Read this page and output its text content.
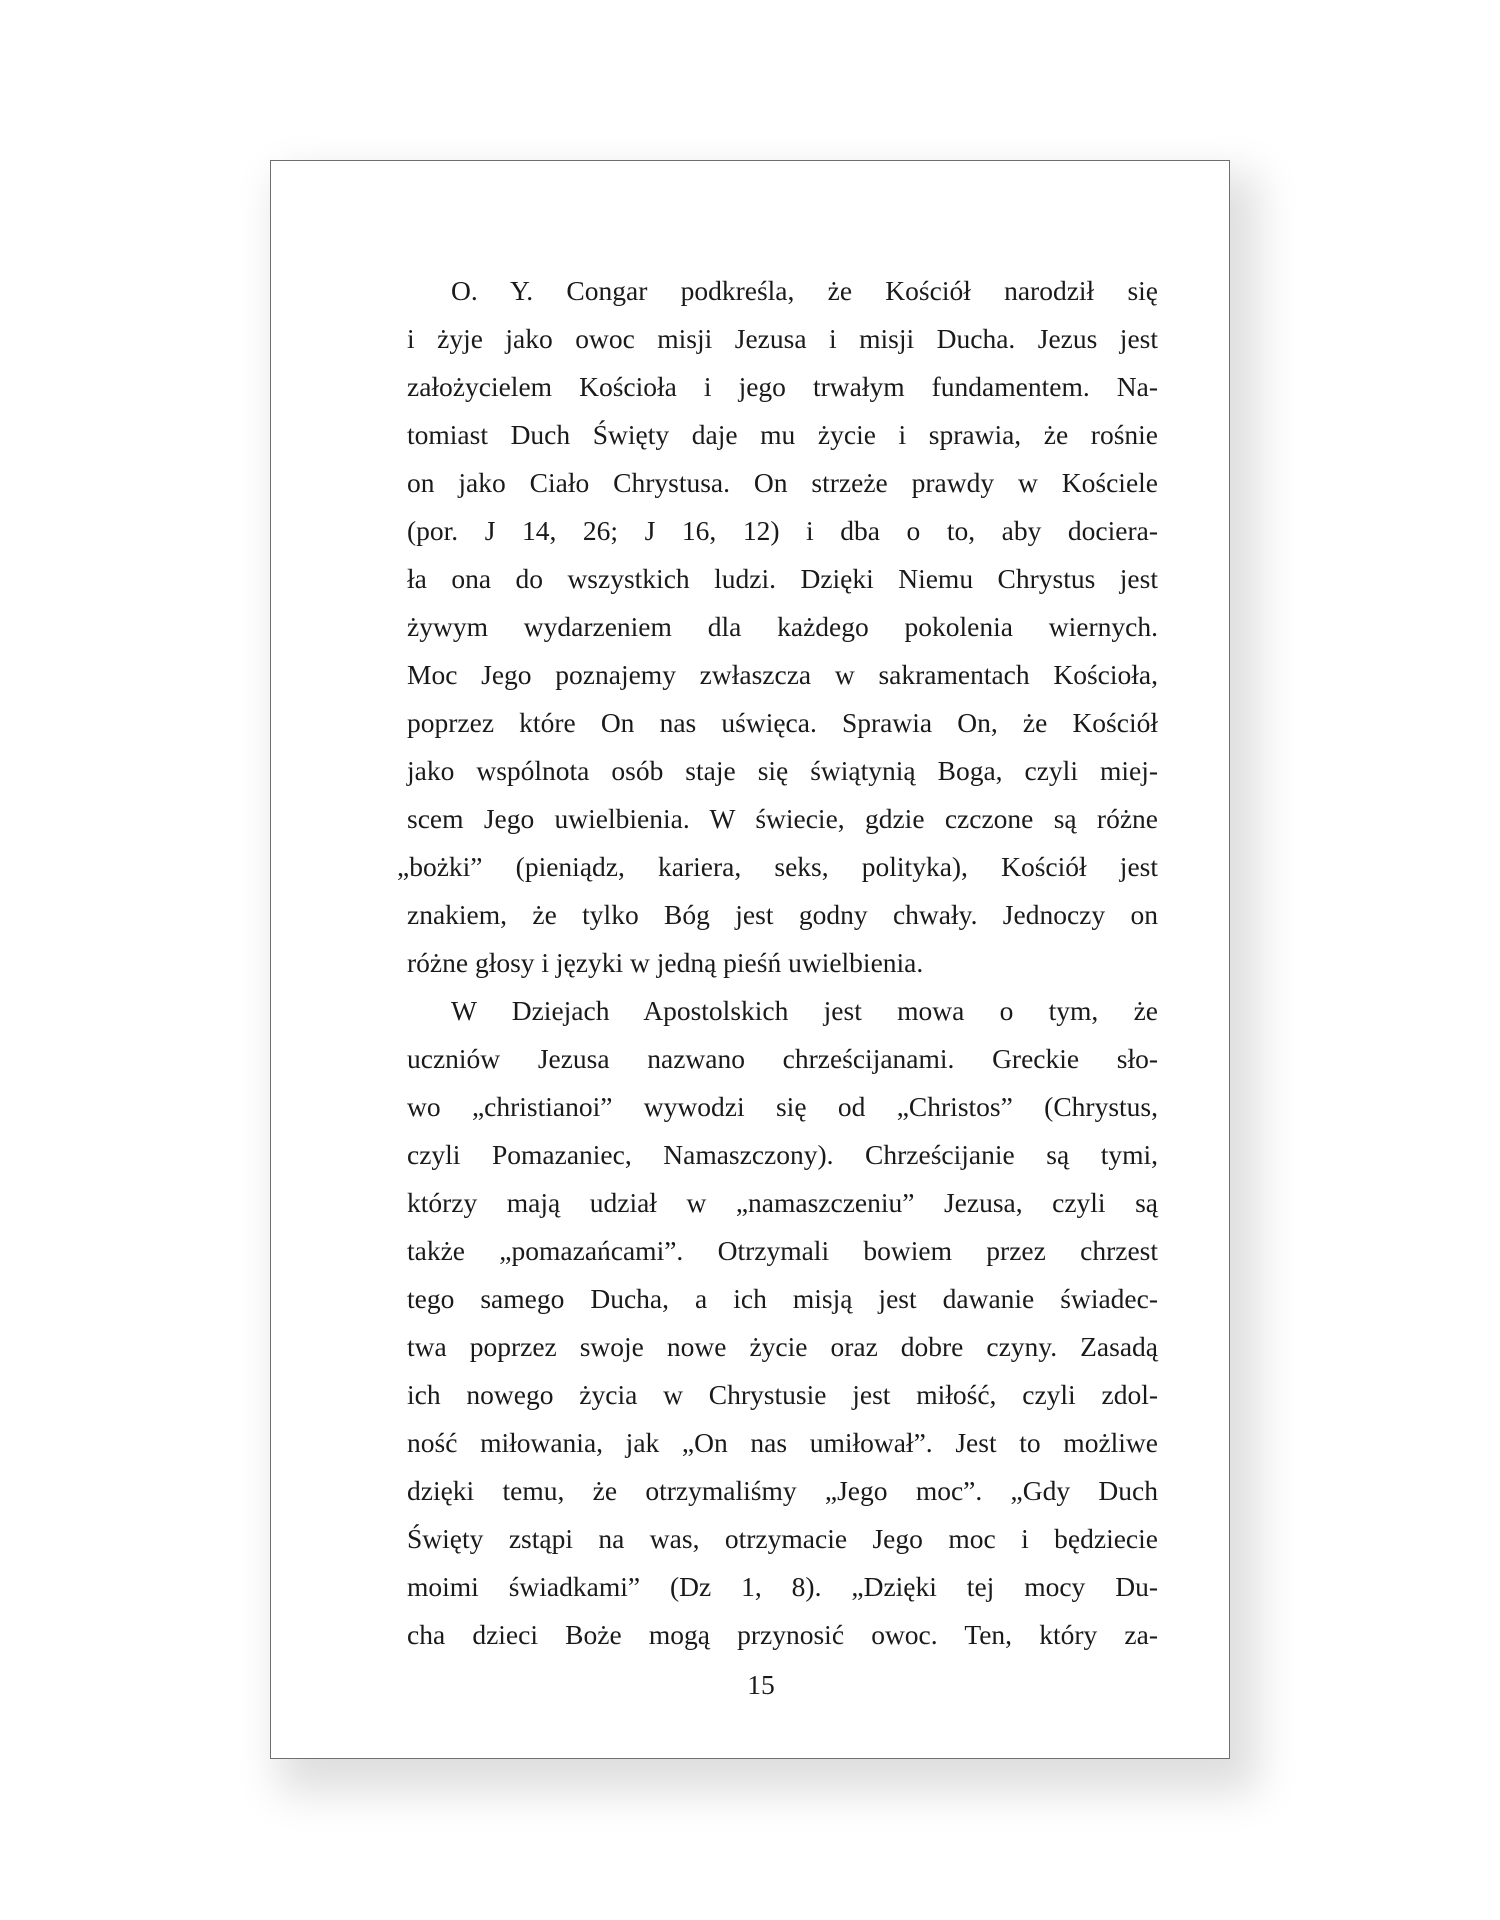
O. Y. Congar podkreśla, że Kościół narodził się
i żyje jako owoc misji Jezusa i misji Ducha. Jezus jest
założycielem Kościoła i jego trwałym fundamentem. Na-
tomiast Duch Święty daje mu życie i sprawia, że rośnie
on jako Ciało Chrystusa. On strzeże prawdy w Kościele
(por. J 14, 26; J 16, 12) i dba o to, aby docierа-
ła ona do wszystkich ludzi. Dzięki Niemu Chrystus jest
żywym wydarzeniem dla każdego pokolenia wiernych.
Moc Jego poznajemy zwłaszcza w sakramentach Kościoła,
poprzez które On nas uświęca. Sprawia On, że Kościół
jako wspólnota osób staje się świątynią Boga, czyli miej-
scem Jego uwielbienia. W świecie, gdzie czczone są różne
„bożki” (pieniądz, kariera, seks, polityka), Kościół jest
znakiem, że tylko Bóg jest godny chwały. Jednoczy on
różne głosy i języki w jedną pieśń uwielbienia.
W Dziejach Apostolskich jest mowa o tym, że
uczniów Jezusa nazwano chrześcijanami. Greckie sło-
wo „christianoi” wywodzi się od „Christos” (Chrystus,
czyli Pomazaniec, Namaszczony). Chrześcijanie są tymi,
którzy mają udział w „namaszczeniu” Jezusa, czyli są
także „pomazańcami”. Otrzymali bowiem przez chrzest
tego samego Ducha, a ich misją jest dawanie świadec-
twa poprzez swoje nowe życie oraz dobre czyny. Zasadą
ich nowego życia w Chrystusie jest miłość, czyli zdol-
ność miłowania, jak „On nas umiłował”. Jest to możliwe
dzięki temu, że otrzymaliśmy „Jego moc”. „Gdy Duch
Święty zstąpi na was, otrzymacie Jego moc i będziecie
moimi świadkami” (Dz 1, 8). „Dzięki tej mocy Du-
cha dzieci Boże mogą przynosić owoc. Ten, który za-
15
